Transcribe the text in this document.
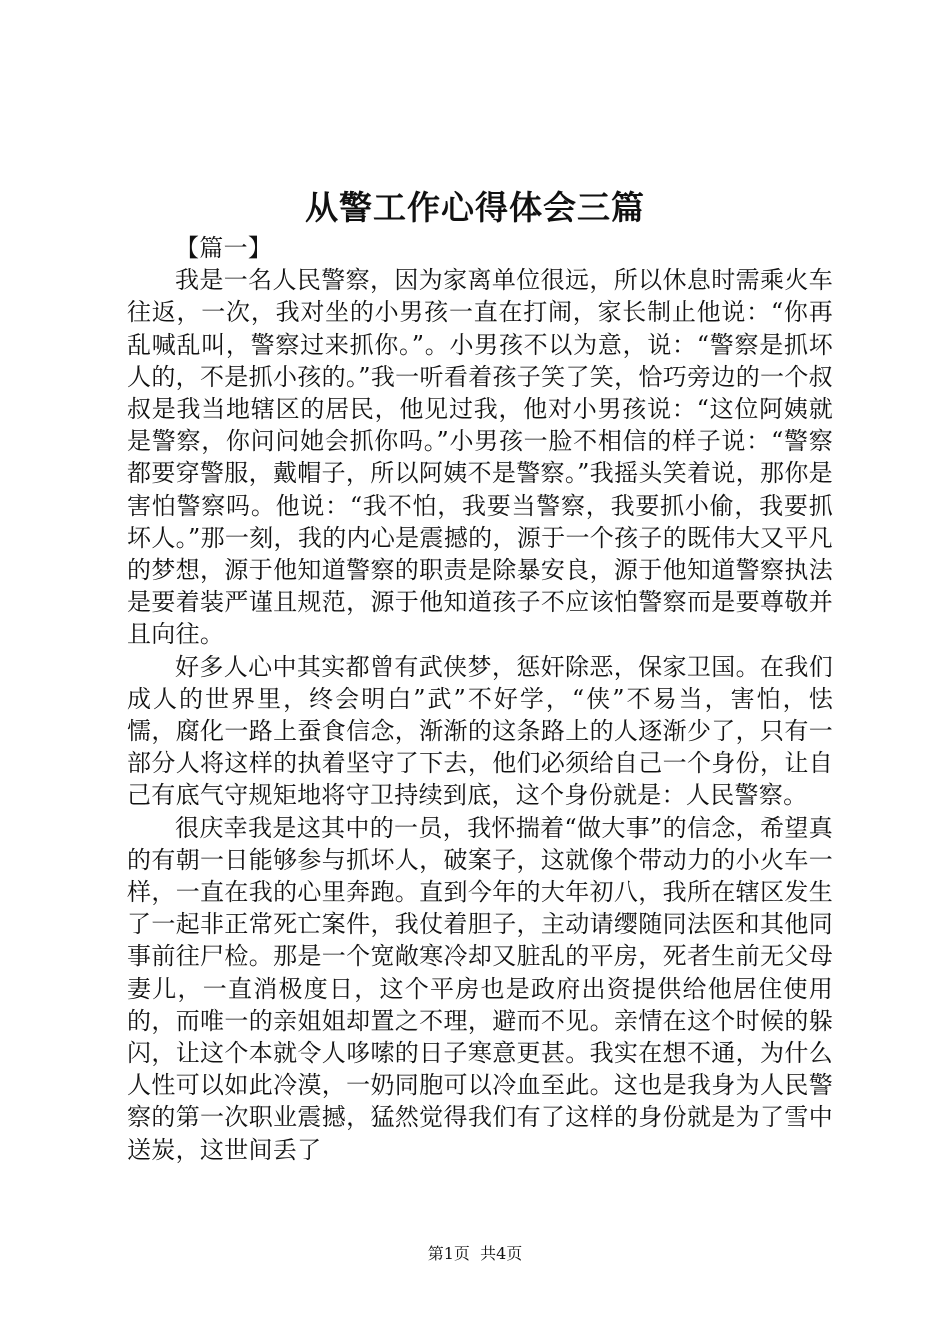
从警工作心得体会三篇

【篇一】

我是一名人民警察，因为家离单位很远，所以休息时需乘火车往返，一次，我对坐的小男孩一直在打闹，家长制止他说：“你再乱喊乱叫，警察过来抓你。”。小男孩不以为意，说：“警察是抓坏人的，不是抓小孩的。”我一听看着孩子笑了笑，恰巧旁边的一个叔叔是我当地辖区的居民，他见过我，他对小男孩说：“这位阿姨就是警察，你问问她会抓你吗。”小男孩一脸不相信的样子说：“警察都要穿警服，戴帽子，所以阿姨不是警察。”我摇头笑着说，那你是害怕警察吗。他说：“我不怕，我要当警察，我要抓小偷，我要抓坏人。”那一刻，我的内心是震撼的，源于一个孩子的既伟大又平凡的梦想，源于他知道警察的职责是除暴安良，源于他知道警察执法是要着装严谨且规范，源于他知道孩子不应该怕警察而是要尊敬并且向往。

好多人心中其实都曾有武侠梦，惩奸除恶，保家卫国。在我们成人的世界里，终会明白”武”不好学，“侠”不易当，害怕，怯懦，腐化一路上蚕食信念，渐渐的这条路上的人逐渐少了，只有一部分人将这样的执着坚守了下去，他们必须给自己一个身份，让自己有底气守规矩地将守卫持续到底，这个身份就是：人民警察。

很庆幸我是这其中的一员，我怀揣着“做大事”的信念，希望真的有朝一日能够参与抓坏人，破案子，这就像个带动力的小火车一样，一直在我的心里奔跑。直到今年的大年初八，我所在辖区发生了一起非正常死亡案件，我仗着胆子，主动请缨随同法医和其他同事前往尸检。那是一个宽敞寒冷却又脏乱的平房，死者生前无父母妻儿，一直消极度日，这个平房也是政府出资提供给他居住使用的，而唯一的亲姐姐却置之不理，避而不见。亲情在这个时候的躲闪，让这个本就令人哆嗦的日子寒意更甚。我实在想不通，为什么人性可以如此冷漠，一奶同胞可以冷血至此。这也是我身为人民警察的第一次职业震撼，猛然觉得我们有了这样的身份就是为了雪中送炭，这世间丢了

第1页  共4页
